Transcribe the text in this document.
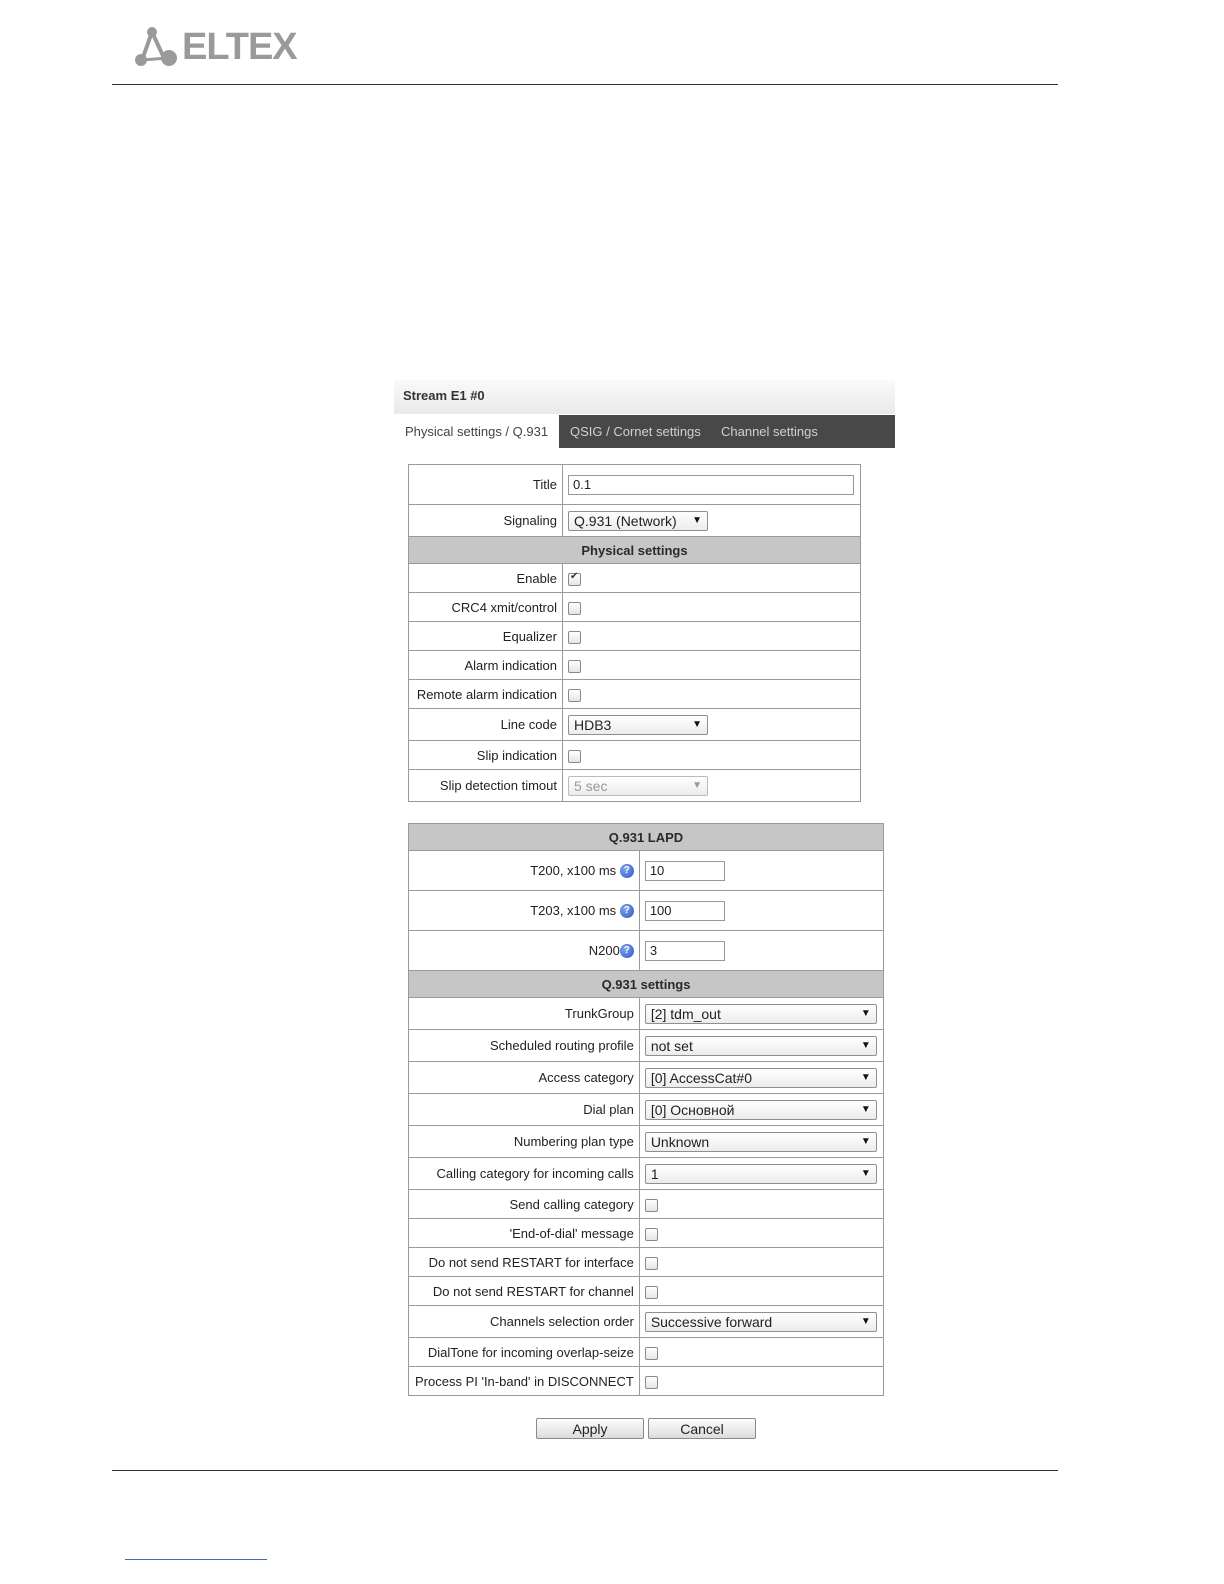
ELTEX
Stream E1 #0
Physical settings / Q.931	QSIG / Cornet settings Channel settings
Title	0.1
Signaling	Q.931 (Network) ▼

Physical settings	
Enable	✔
CRC4 xmit/control	
Equalizer	
Alarm indication	
Remote alarm indication	
Line code	HDB3 ▼

Slip indication	
Slip detection timout	5 sec ▼
Q.931 LAPD	
T200, x100 ms ?	10
T203, x100 ms ?	100
N200 ?	3
Q.931 settings	
TrunkGroup	[2] tdm_out ▼

Scheduled routing profile	not set ▼

Access category	[0] AccessCat#0 ▼

Dial plan	[0] Основной ▼

Numbering plan type	Unknown ▼

Calling category for incoming calls	1 ▼

Send calling category	
'End-of-dial' message	
Do not send RESTART for interface	
Do not send RESTART for channel	
Channels selection order	Successive forward ▼

DialTone for incoming overlap-seize	
Process PI 'In-band' in DISCONNECT	
Apply	Cancel
